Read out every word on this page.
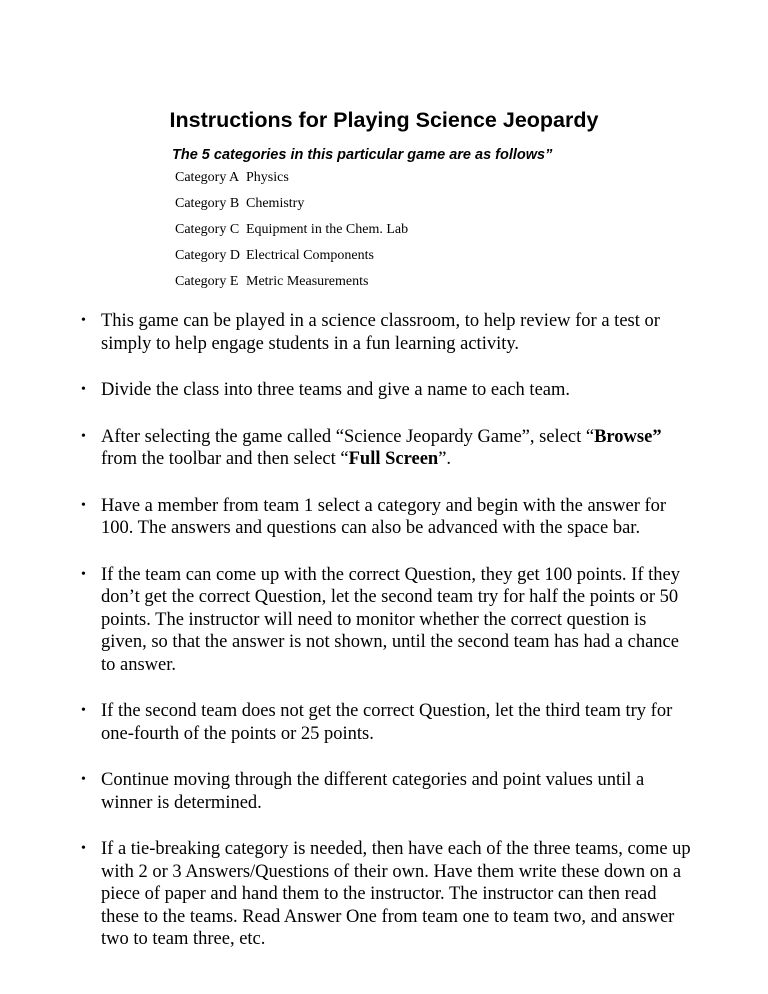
Instructions for Playing Science Jeopardy

The 5 categories in this particular game are as follows”

Category A	Physics
Category B	Chemistry
Category C	Equipment in the Chem. Lab
Category D	Electrical Components
Category E	Metric Measurements
• This game can be played in a science classroom, to help review for a test or simply to help engage students in a fun learning activity.
• Divide the class into three teams and give a name to each team.
• After selecting the game called “Science Jeopardy Game”, select “Browse” from the toolbar and then select “Full Screen”.
• Have a member from team 1 select a category and begin with the answer for 100. The answers and questions can also be advanced with the space bar.
• If the team can come up with the correct Question, they get 100 points. If they don’t get the correct Question, let the second team try for half the points or 50 points. The instructor will need to monitor whether the correct question is given, so that the answer is not shown, until the second team has had a chance to answer.
• If the second team does not get the correct Question, let the third team try for one-fourth of the points or 25 points.
• Continue moving through the different categories and point values until a winner is determined.
• If a tie-breaking category is needed, then have each of the three teams, come up with 2 or 3 Answers/Questions of their own. Have them write these down on a piece of paper and hand them to the instructor. The instructor can then read these to the teams. Read Answer One from team one to team two, and answer two to team three, etc.
